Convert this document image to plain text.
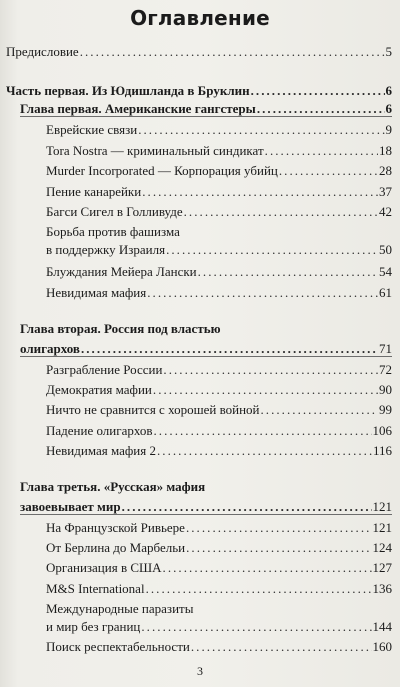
Оглавление
Предисловие . . .	5
Часть первая. Из Юдишланда в Бруклин . . .	6
Глава первая. Американские гангстеры . . .	6
Еврейские связи . . .	9
Tora Nostra — криминальный синдикат . . .	18
Murder Incorporated — Корпорация убийц . . .	28
Пение канарейки . . .	37
Багси Сигел в Голливуде . . .	42
Борьба против фашизма
в поддержку Израиля . . .	50
Блуждания Мейера Лански . . .	54
Невидимая мафия . . .	61
Глава вторая. Россия под властью
олигархов . . .	71
Разграбление России . . .	72
Демократия мафии . . .	90
Ничто не сравнится с хорошей войной . . .	99
Падение олигархов . . .	106
Невидимая мафия 2 . . .	116
Глава третья. «Русская» мафия
завоевывает мир . . .	121
На Французской Ривьере . . .	121
От Берлина до Марбельи . . .	124
Организация в США . . .	127
M&S International . . .	136
Международные паразиты
и мир без границ . . .	144
Поиск респектабельности . . .	160
3
